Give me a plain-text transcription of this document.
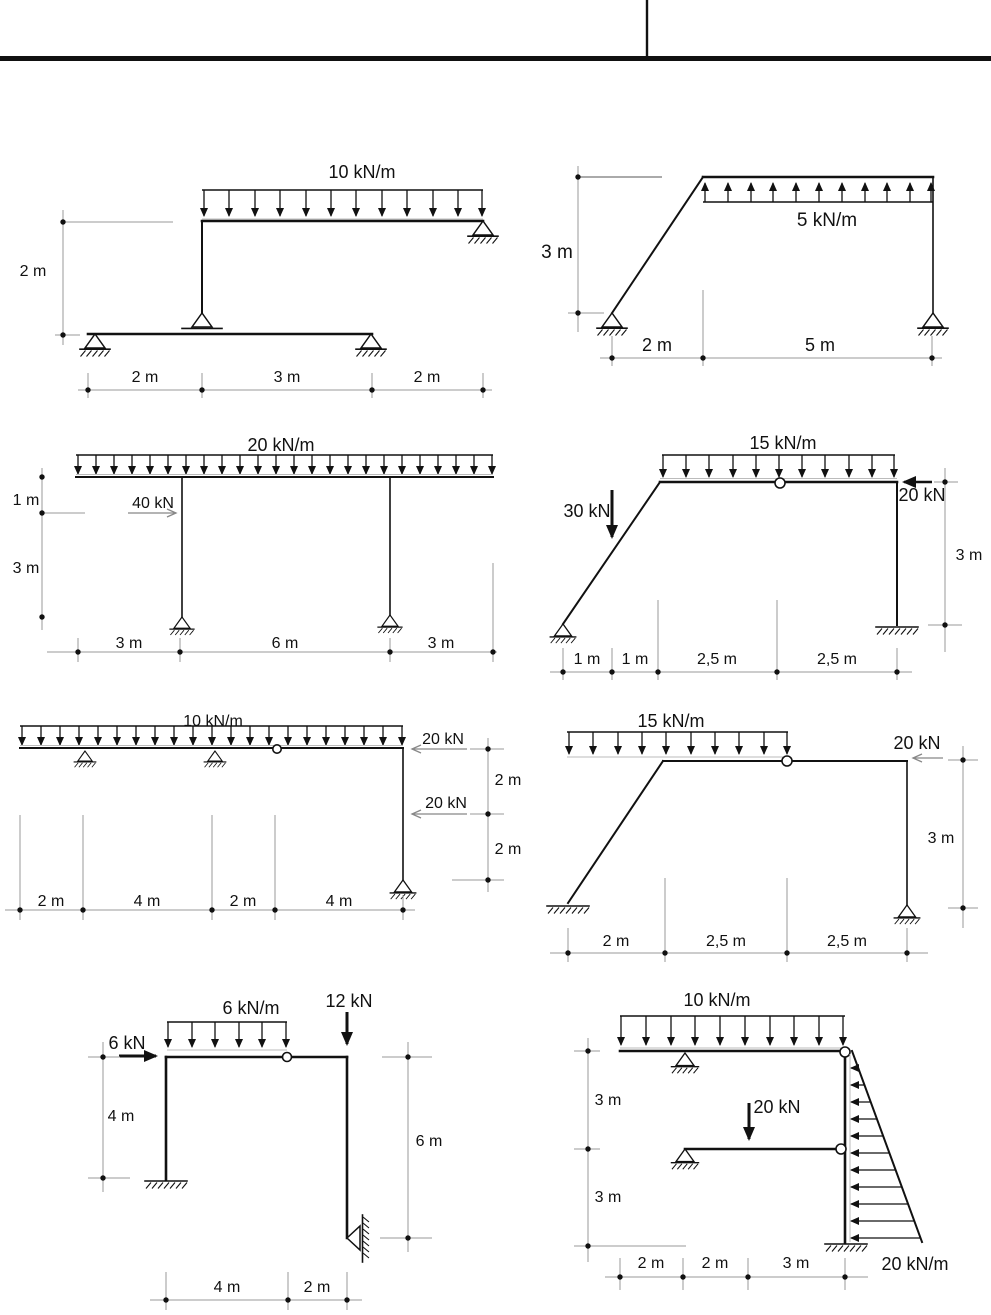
10 kN/m
2 m
2 m	3 m	2 m
20 kN/m
40 kN
1 m
3 m
3 m	6 m	3 m
10 kN/m
20 kN
20 kN
2 m
2 m
2 m	4 m	2 m	4 m
6 kN/m	12 kN
6 kN
4 m
6 m
4 m	2 m
5 kN/m
3 m
2 m	5 m
15 kN/m
30 kN
20 kN
3 m
1 m 1 m	2,5 m	2,5 m
15 kN/m
20 kN
3 m
2 m	2,5 m	2,5 m
10 kN/m
20 kN
20 kN/m
3 m
3 m
2 m 2 m	3 m
